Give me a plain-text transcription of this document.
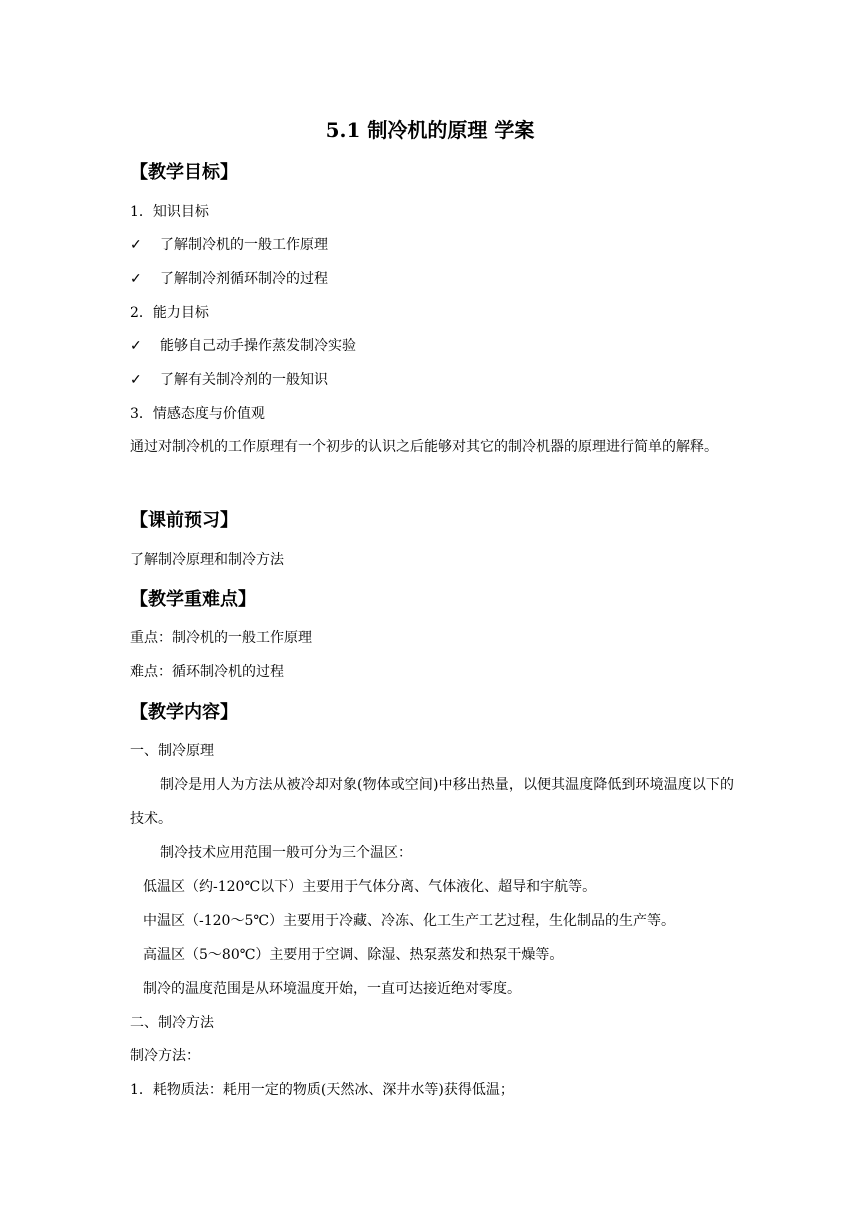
5.1 制冷机的原理 学案
【教学目标】
1．知识目标
✓ 了解制冷机的一般工作原理
✓ 了解制冷剂循环制冷的过程
2．能力目标
✓ 能够自己动手操作蒸发制冷实验
✓ 了解有关制冷剂的一般知识
3．情感态度与价值观
通过对制冷机的工作原理有一个初步的认识之后能够对其它的制冷机器的原理进行简单的解释。
【课前预习】
了解制冷原理和制冷方法
【教学重难点】
重点：制冷机的一般工作原理
难点：循环制冷机的过程
【教学内容】
一、制冷原理
制冷是用人为方法从被冷却对象(物体或空间)中移出热量，以便其温度降低到环境温度以下的技术。
制冷技术应用范围一般可分为三个温区：
低温区（约-120℃以下）主要用于气体分离、气体液化、超导和宇航等。
中温区（-120～5℃）主要用于冷藏、冷冻、化工生产工艺过程，生化制品的生产等。
高温区（5～80℃）主要用于空调、除湿、热泵蒸发和热泵干燥等。
制冷的温度范围是从环境温度开始，一直可达接近绝对零度。
二、制冷方法
制冷方法：
1．耗物质法：耗用一定的物质(天然冰、深井水等)获得低温；
